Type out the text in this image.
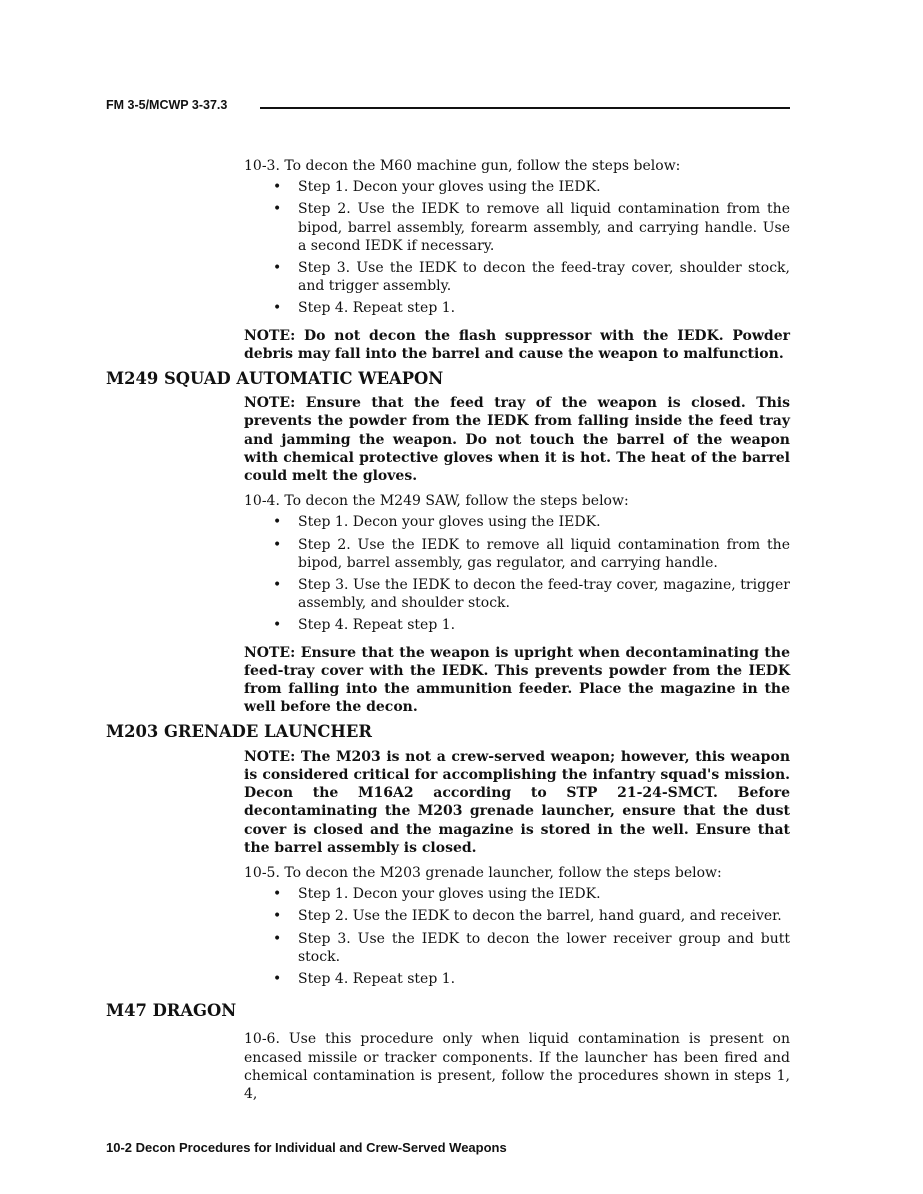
FM 3-5/MCWP 3-37.3

10-3. To decon the M60 machine gun, follow the steps below:

• Step 1. Decon your gloves using the IEDK.
• Step 2. Use the IEDK to remove all liquid contamination from the bipod, barrel assembly, forearm assembly, and carrying handle. Use a second IEDK if necessary.
• Step 3. Use the IEDK to decon the feed-tray cover, shoulder stock, and trigger assembly.
• Step 4. Repeat step 1.

NOTE: Do not decon the flash suppressor with the IEDK. Powder debris may fall into the barrel and cause the weapon to malfunction.

M249 SQUAD AUTOMATIC WEAPON

NOTE: Ensure that the feed tray of the weapon is closed. This prevents the powder from the IEDK from falling inside the feed tray and jamming the weapon. Do not touch the barrel of the weapon with chemical protective gloves when it is hot. The heat of the barrel could melt the gloves.

10-4. To decon the M249 SAW, follow the steps below:

• Step 1. Decon your gloves using the IEDK.
• Step 2. Use the IEDK to remove all liquid contamination from the bipod, barrel assembly, gas regulator, and carrying handle.
• Step 3. Use the IEDK to decon the feed-tray cover, magazine, trigger assembly, and shoulder stock.
• Step 4. Repeat step 1.

NOTE: Ensure that the weapon is upright when decontaminating the feed-tray cover with the IEDK. This prevents powder from the IEDK from falling into the ammunition feeder. Place the magazine in the well before the decon.

M203 GRENADE LAUNCHER

NOTE: The M203 is not a crew-served weapon; however, this weapon is considered critical for accomplishing the infantry squad's mission. Decon the M16A2 according to STP 21-24-SMCT. Before decontaminating the M203 grenade launcher, ensure that the dust cover is closed and the magazine is stored in the well. Ensure that the barrel assembly is closed.

10-5. To decon the M203 grenade launcher, follow the steps below:

• Step 1. Decon your gloves using the IEDK.
• Step 2. Use the IEDK to decon the barrel, hand guard, and receiver.
• Step 3. Use the IEDK to decon the lower receiver group and butt stock.
• Step 4. Repeat step 1.
M47 DRAGON

10-6. Use this procedure only when liquid contamination is present on encased missile or tracker components. If the launcher has been fired and chemical contamination is present, follow the procedures shown in steps 1, 4,

10-2 Decon Procedures for Individual and Crew-Served Weapons
